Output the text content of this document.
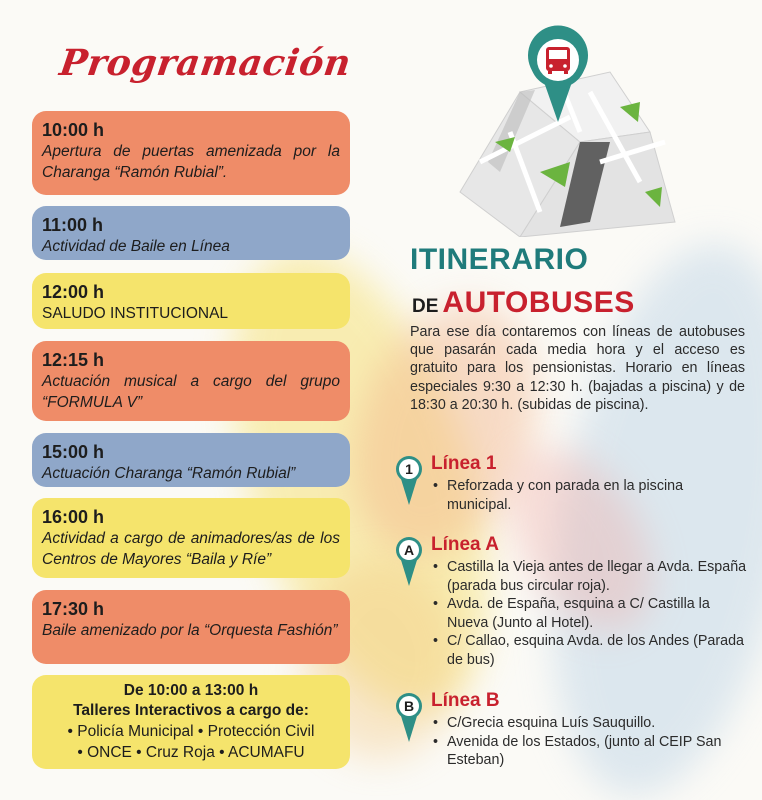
Programación
10:00 h
Apertura de puertas amenizada por la Charanga “Ramón Rubial”.
11:00 h
Actividad de Baile en Línea
12:00 h
SALUDO INSTITUCIONAL
12:15 h
Actuación musical a cargo del grupo “FORMULA V”
15:00 h
Actuación Charanga “Ramón Rubial”
16:00 h
Actividad a cargo de animadores/as de los Centros de Mayores “Baila y Ríe”
17:30 h
Baile amenizado por la “Orquesta Fashión”
De 10:00 a 13:00 h
Talleres Interactivos a cargo de:
• Policía Municipal • Protección Civil
• ONCE • Cruz Roja • ACUMAFU
ITINERARIO
DE AUTOBUSES
Para ese día contaremos con líneas de autobuses que pasarán cada media hora y el acceso es gratuito para los pensionistas. Horario en líneas especiales 9:30 a 12:30 h. (bajadas a piscina) y de 18:30 a 20:30 h. (subidas de piscina).
1 Línea 1
• Reforzada y con parada en la piscina municipal.
A Línea A
• Castilla la Vieja antes de llegar a Avda. España (parada bus circular roja).
• Avda. de España, esquina a C/ Castilla la Nueva (Junto al Hotel).
• C/ Callao, esquina Avda. de los Andes (Parada de bus)
B Línea B
• C/Grecia esquina Luís Sauquillo.
• Avenida de los Estados, (junto al CEIP San Esteban)
